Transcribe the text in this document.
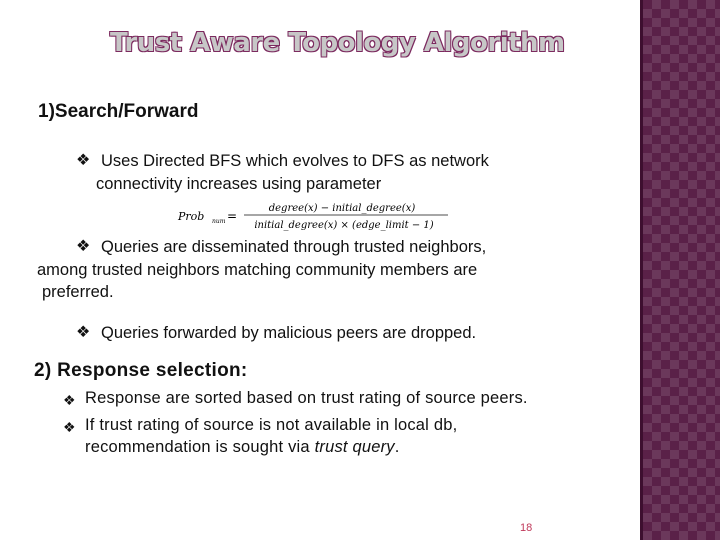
Trust Aware Topology Algorithm
1)Search/Forward
❖ Uses Directed BFS which evolves to DFS as network
connectivity increases using parameter
Prob num =
degree(x) − initial_degree(x)
initial_degree(x) × (edge_limit − 1)
❖ Queries are disseminated through trusted neighbors,
among trusted neighbors matching community members are
preferred.
❖ Queries forwarded by malicious peers are dropped.
2) Response selection:
❖ Response are sorted based on trust rating of source peers.
❖ If trust rating of source is not available in local db,
recommendation is sought via trust query.
18
